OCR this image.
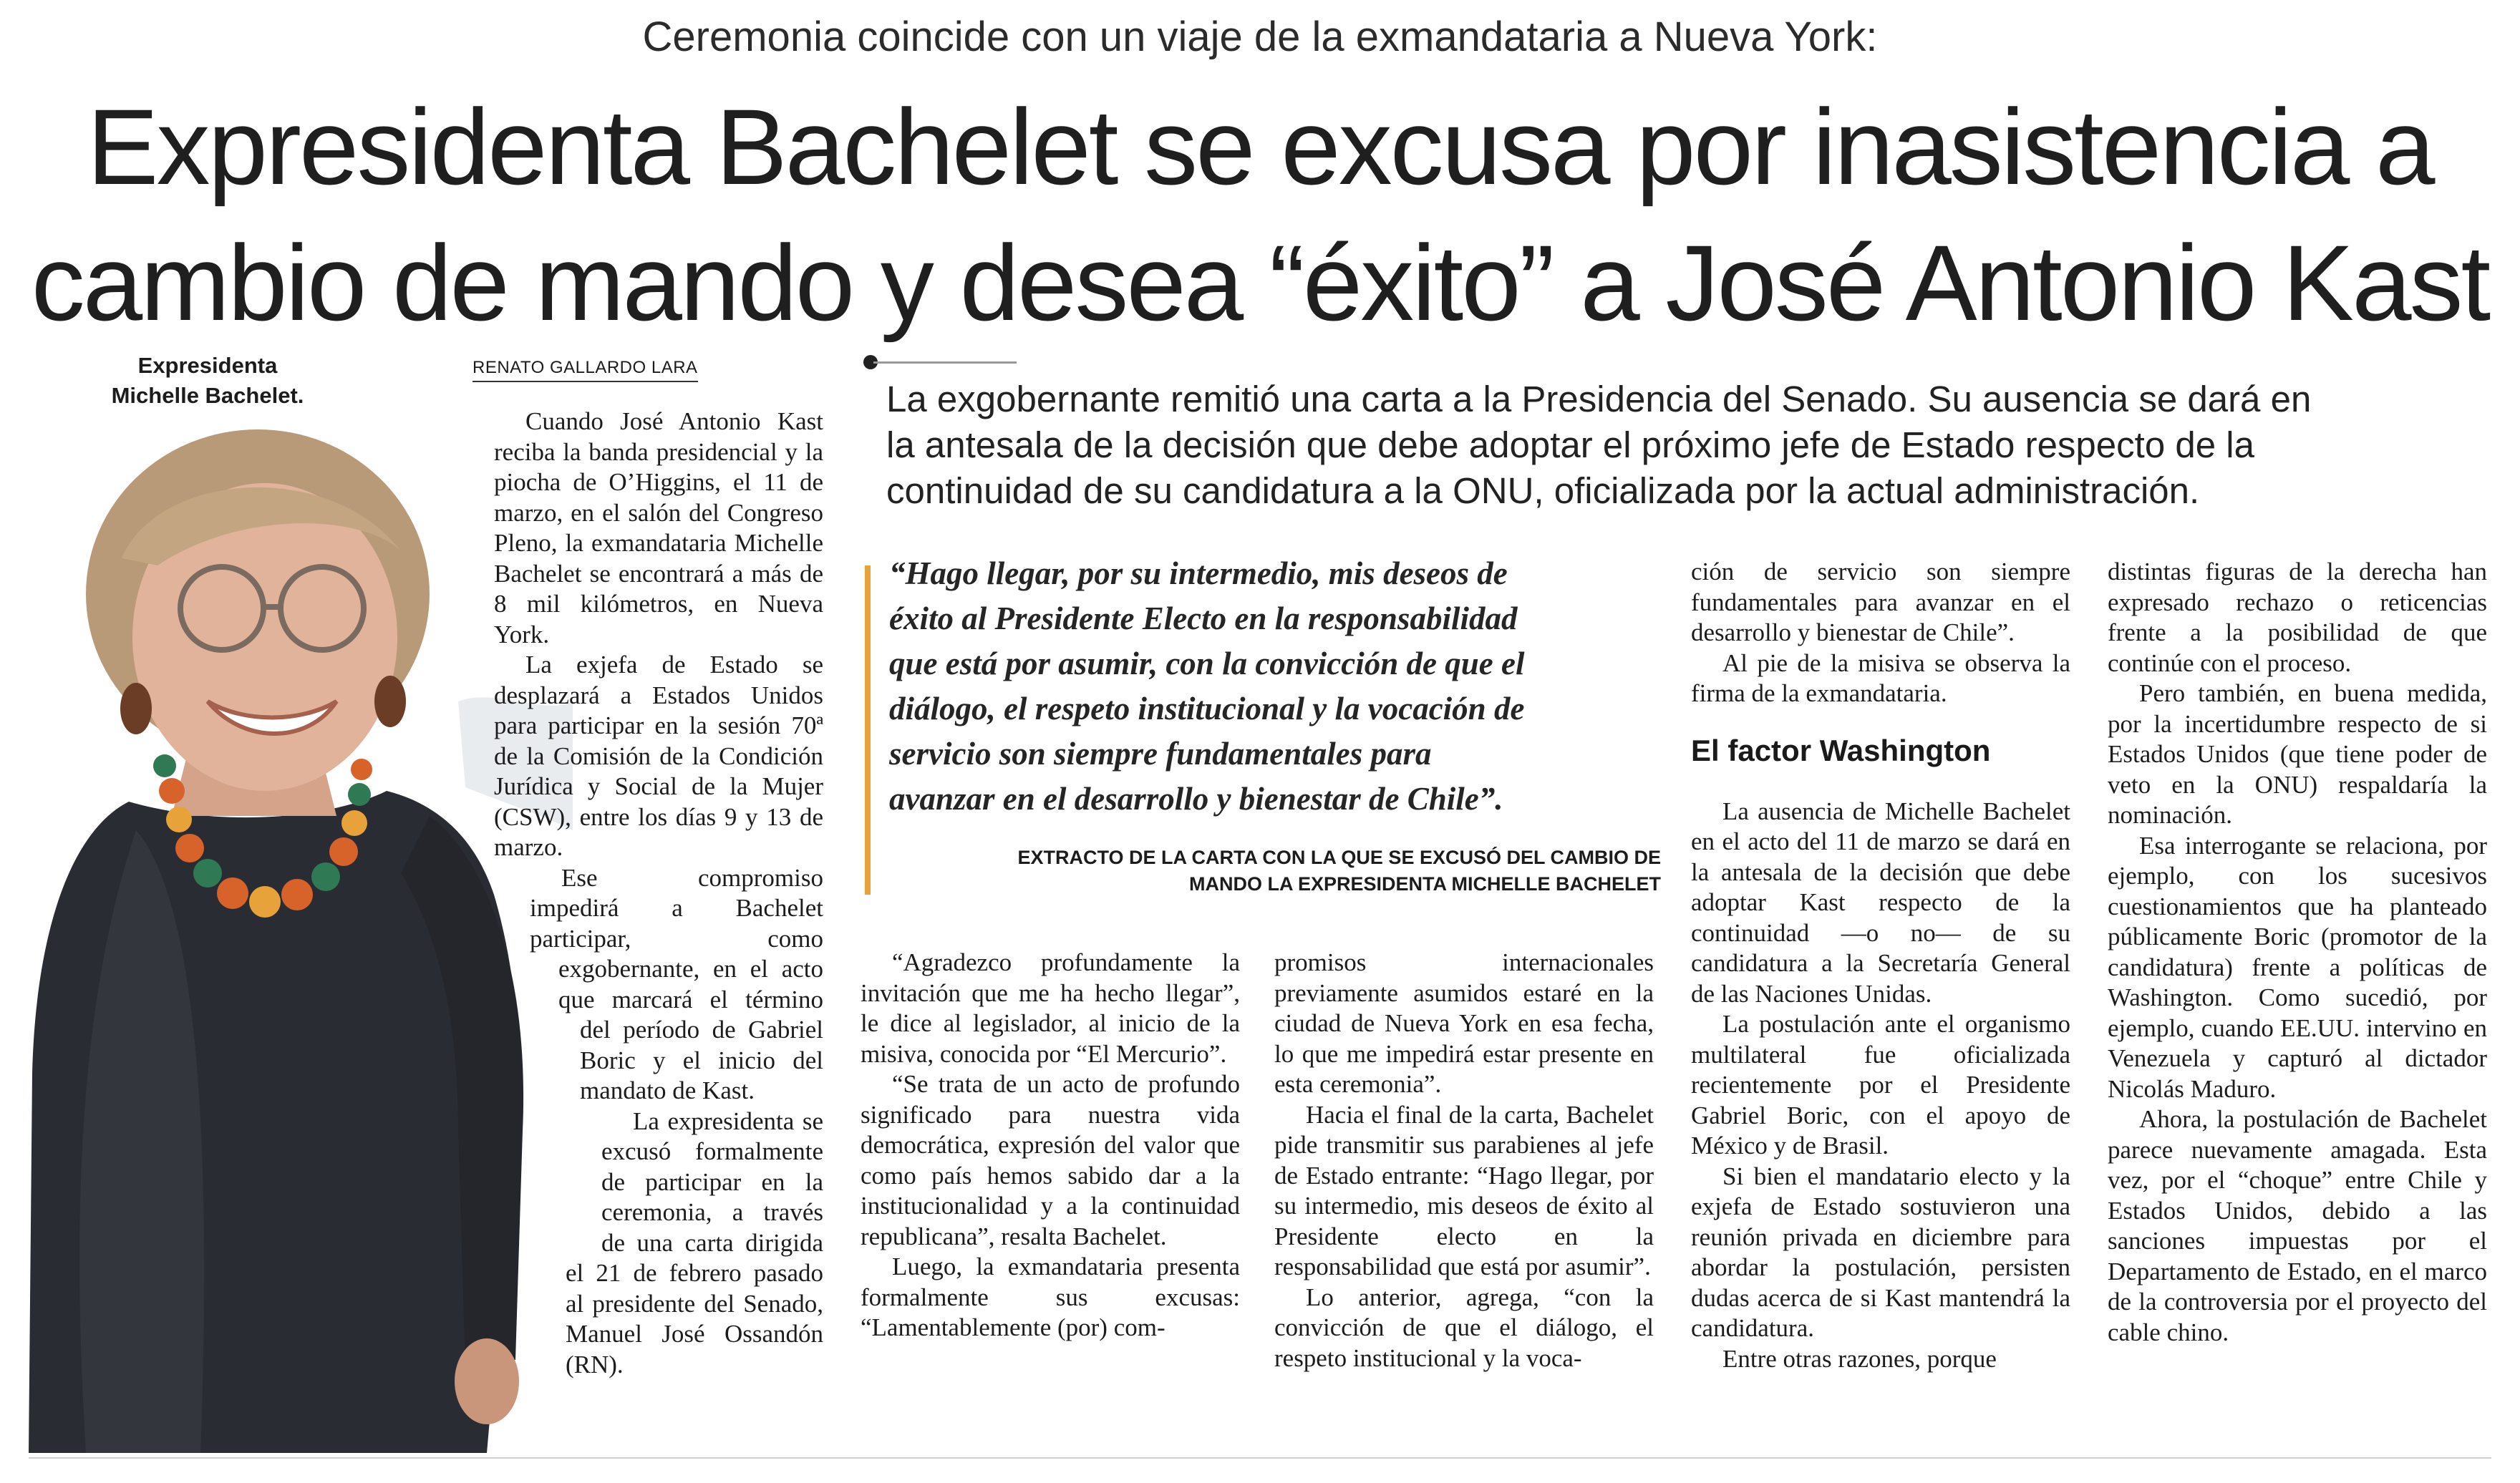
Ceremonia coincide con un viaje de la exmandataria a Nueva York:
Expresidenta Bachelet se excusa por inasistencia a
cambio de mando y desea “éxito” a José Antonio Kast
Expresidenta
Michelle Bachelet.
RENATO GALLARDO LARA

Cuando José Antonio Kast reciba la banda presidencial y la piocha de O’Higgins, el 11 de marzo, en el salón del Congreso Pleno, la exmandataria Michelle Bachelet se encontrará a más de 8 mil kilómetros, en Nueva York.

La exjefa de Estado se desplazará a Estados Unidos para participar en la sesión 70ª de la Comisión de la Condición Jurídica y Social de la Mujer (CSW), entre los días 9 y 13 de marzo.

Ese compromiso impedirá a Bachelet participar, como exgobernante, en el acto que marcará el término del período de Gabriel Boric y el inicio del mandato de Kast.

La expresidenta se excusó formalmente de participar en la ceremonia, a través de una carta dirigida el 21 de febrero pasado al presidente del Senado, Manuel José Ossandón (RN).

La exgobernante remitió una carta a la Presidencia del Senado. Su ausencia se dará en

la antesala de la decisión que debe adoptar el próximo jefe de Estado respecto de la

continuidad de su candidatura a la ONU, oficializada por la actual administración.

“Hago llegar, por su intermedio, mis deseos de

éxito al Presidente Electo en la responsabilidad

que está por asumir, con la convicción de que el

diálogo, el respeto institucional y la vocación de

servicio son siempre fundamentales para

avanzar en el desarrollo y bienestar de Chile”.

EXTRACTO DE LA CARTA CON LA QUE SE EXCUSÓ DEL CAMBIO DE
MANDO LA EXPRESIDENTA MICHELLE BACHELET

“Agradezco profundamente la invitación que me ha hecho llegar”, le dice al legislador, al inicio de la misiva, conocida por “El Mercurio”.

“Se trata de un acto de profundo significado para nuestra vida democrática, expresión del valor que como país hemos sabido dar a la institucionalidad y a la continuidad republicana”, resalta Bachelet.

Luego, la exmandataria presenta formalmente sus excusas: “Lamentablemente (por) com-

promisos internacionales previamente asumidos estaré en la ciudad de Nueva York en esa fecha, lo que me impedirá estar presente en esta ceremonia”.

Hacia el final de la carta, Bachelet pide transmitir sus parabienes al jefe de Estado entrante: “Hago llegar, por su intermedio, mis deseos de éxito al Presidente electo en la responsabilidad que está por asumir”.

Lo anterior, agrega, “con la convicción de que el diálogo, el respeto institucional y la voca-

ción de servicio son siempre fundamentales para avanzar en el desarrollo y bienestar de Chile”.

Al pie de la misiva se observa la firma de la exmandataria.

El factor Washington

La ausencia de Michelle Bachelet en el acto del 11 de marzo se dará en la antesala de la decisión que debe adoptar Kast respecto de la continuidad —o no— de su candidatura a la Secretaría General de las Naciones Unidas.

La postulación ante el organismo multilateral fue oficializada recientemente por el Presidente Gabriel Boric, con el apoyo de México y de Brasil.

Si bien el mandatario electo y la exjefa de Estado sostuvieron una reunión privada en diciembre para abordar la postulación, persisten dudas acerca de si Kast mantendrá la candidatura.

Entre otras razones, porque

distintas figuras de la derecha han expresado rechazo o reticencias frente a la posibilidad de que continúe con el proceso.

Pero también, en buena medida, por la incertidumbre respecto de si Estados Unidos (que tiene poder de veto en la ONU) respaldaría la nominación.

Esa interrogante se relaciona, por ejemplo, con los sucesivos cuestionamientos que ha planteado públicamente Boric (promotor de la candidatura) frente a políticas de Washington. Como sucedió, por ejemplo, cuando EE.UU. intervino en Venezuela y capturó al dictador Nicolás Maduro.

Ahora, la postulación de Bachelet parece nuevamente amagada. Esta vez, por el “choque” entre Chile y Estados Unidos, debido a las sanciones impuestas por el Departamento de Estado, en el marco de la controversia por el proyecto del cable chino.
